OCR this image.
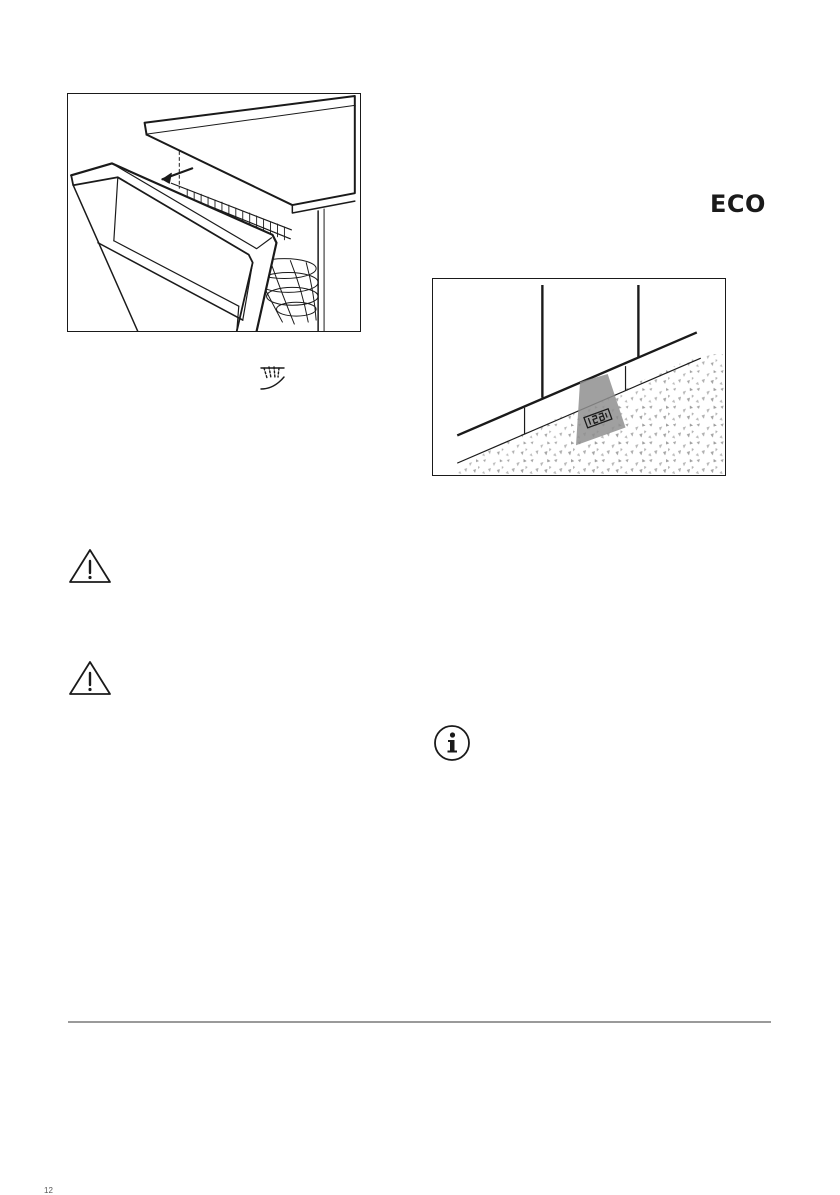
ECO
12
